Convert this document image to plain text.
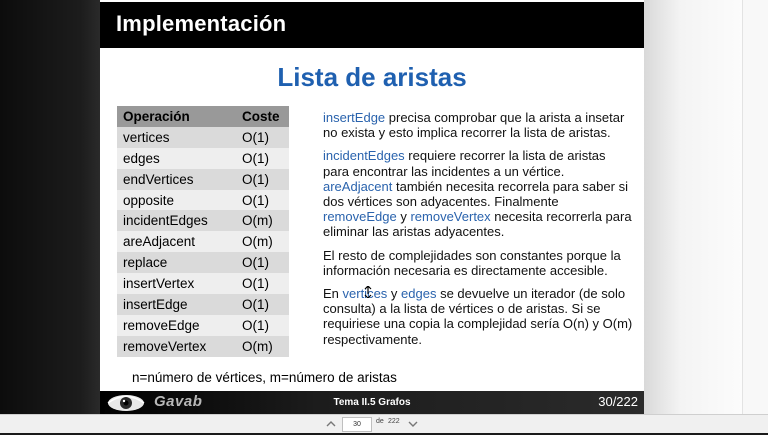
Implementación
Lista de aristas
Operación	Coste
vertices	O(1)
edges	O(1)
endVertices	O(1)
opposite	O(1)
incidentEdges	O(m)
areAdjacent	O(m)
replace	O(1)
insertVertex	O(1)
insertEdge	O(1)
removeEdge	O(1)
removeVertex	O(m)

insertEdge precisa comprobar que la arista a insetar no exista y esto implica recorrer la lista de aristas.

incidentEdges requiere recorrer la lista de aristas para encontrar las incidentes a un vértice. areAdjacent también necesita recorrela para saber si dos vértices son adyacentes. Finalmente removeEdge y removeVertex necesita recorrerla para eliminar las aristas adyacentes.

El resto de complejidades son constantes porque la información necesaria es directamente accesible.

En vertices y edges se devuelve un iterador (de solo consulta) a la lista de vértices o de aristas. Si se requiriese una copia la complejidad sería O(n) y O(m) respectivamente.

n=número de vértices, m=número de aristas
Gavab	Tema II.5 Grafos	30/222
30	de 222
